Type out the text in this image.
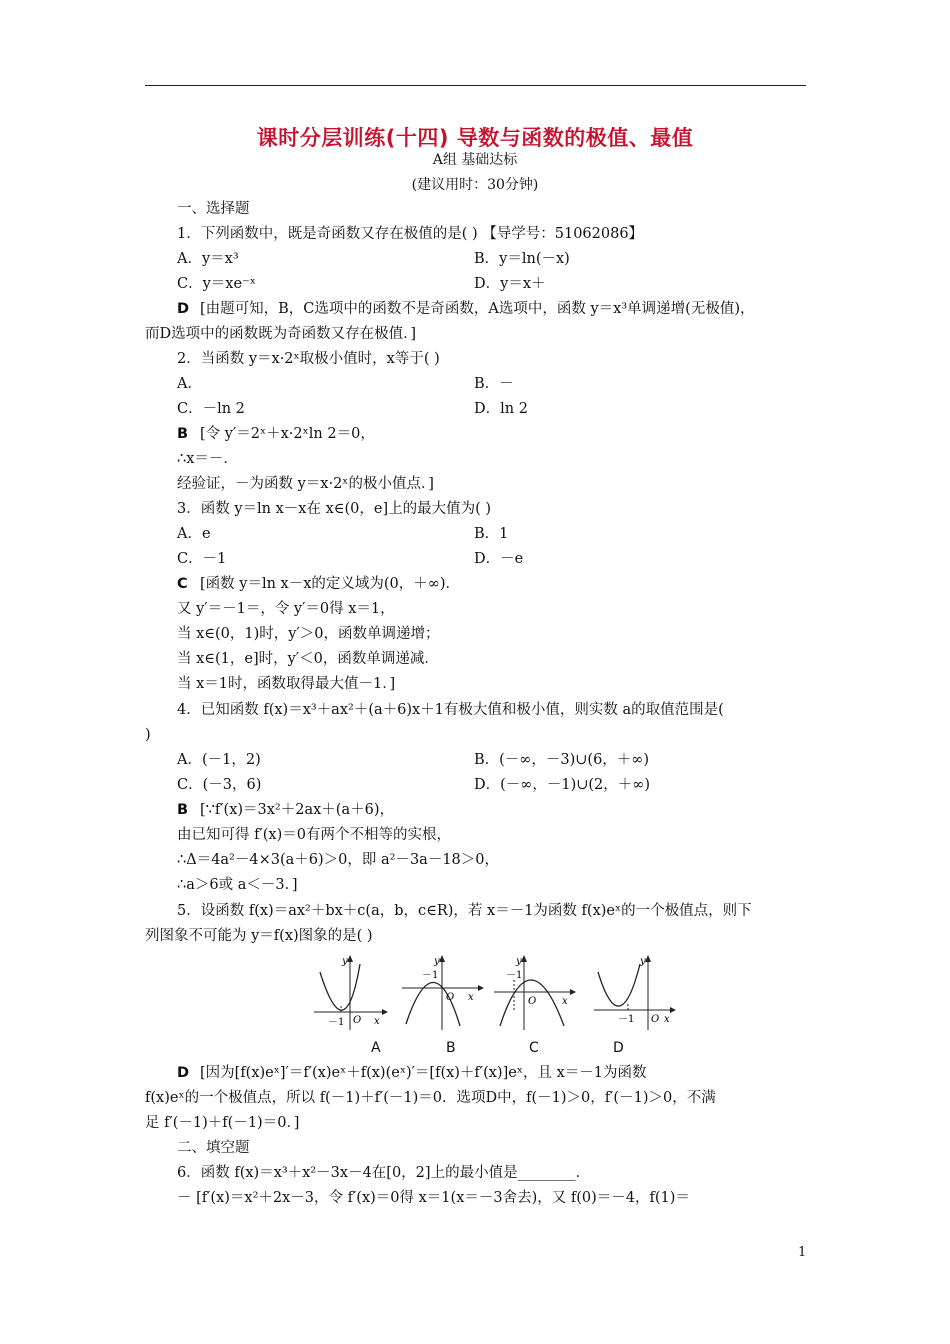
课时分层训练(十四) 导数与函数的极值、最值
A组 基础达标
(建议用时：30分钟)
一、选择题
1．下列函数中，既是奇函数又存在极值的是( ) 【导学号：51062086】
A．y＝x³	B．y＝ln(－x)
C．y＝xe⁻ˣ	D．y＝x＋
D [由题可知，B，C选项中的函数不是奇函数，A选项中，函数 y＝x³单调递增(无极值)，
而D选项中的函数既为奇函数又存在极值．]
2．当函数 y＝x·2ˣ取极小值时，x等于( )
A．	B．－
C．－ln 2	D．ln 2
B [令 y′＝2ˣ＋x·2ˣln 2＝0，
∴x＝－．
经验证，－为函数 y＝x·2ˣ的极小值点．]
3．函数 y＝ln x－x在 x∈(0，e]上的最大值为( )
A．e	B．1
C．－1	D．－e
C [函数 y＝ln x－x的定义域为(0，＋∞)．
又 y′＝－1＝，令 y′＝0得 x＝1，
当 x∈(0，1)时，y′＞0，函数单调递增；
当 x∈(1，e]时，y′＜0，函数单调递减．
当 x＝1时，函数取得最大值－1．]
4．已知函数 f(x)＝x³＋ax²＋(a＋6)x＋1有极大值和极小值，则实数 a的取值范围是(
)
A．(－1，2)	B．(－∞，－3)∪(6，＋∞)
C．(－3，6)	D．(－∞，－1)∪(2，＋∞)
B [∵f′(x)＝3x²＋2ax＋(a＋6)，
由已知可得 f′(x)＝0有两个不相等的实根，
∴Δ＝4a²－4×3(a＋6)＞0，即 a²－3a－18＞0，
∴a＞6或 a＜－3．]
5．设函数 f(x)＝ax²＋bx＋c(a，b，c∈R)，若 x＝－1为函数 f(x)eˣ的一个极值点，则下
列图象不可能为 y＝f(x)图象的是( )
y
x
O
－1
y
x
O
－1
y
x
O
－1
y
x
O
－1
A	B	C	D
D [因为[f(x)eˣ]′＝f′(x)eˣ＋f(x)(eˣ)′＝[f(x)＋f′(x)]eˣ，且 x＝－1为函数
f(x)eˣ的一个极值点，所以 f(－1)＋f′(－1)＝0．选项D中，f(－1)＞0，f′(－1)＞0，不满
足 f′(－1)＋f(－1)＝0．]
二、填空题
6．函数 f(x)＝x³＋x²－3x－4在[0，2]上的最小值是________．
－ [f′(x)＝x²＋2x－3，令 f′(x)＝0得 x＝1(x＝－3舍去)，又 f(0)＝－4，f(1)＝
1
